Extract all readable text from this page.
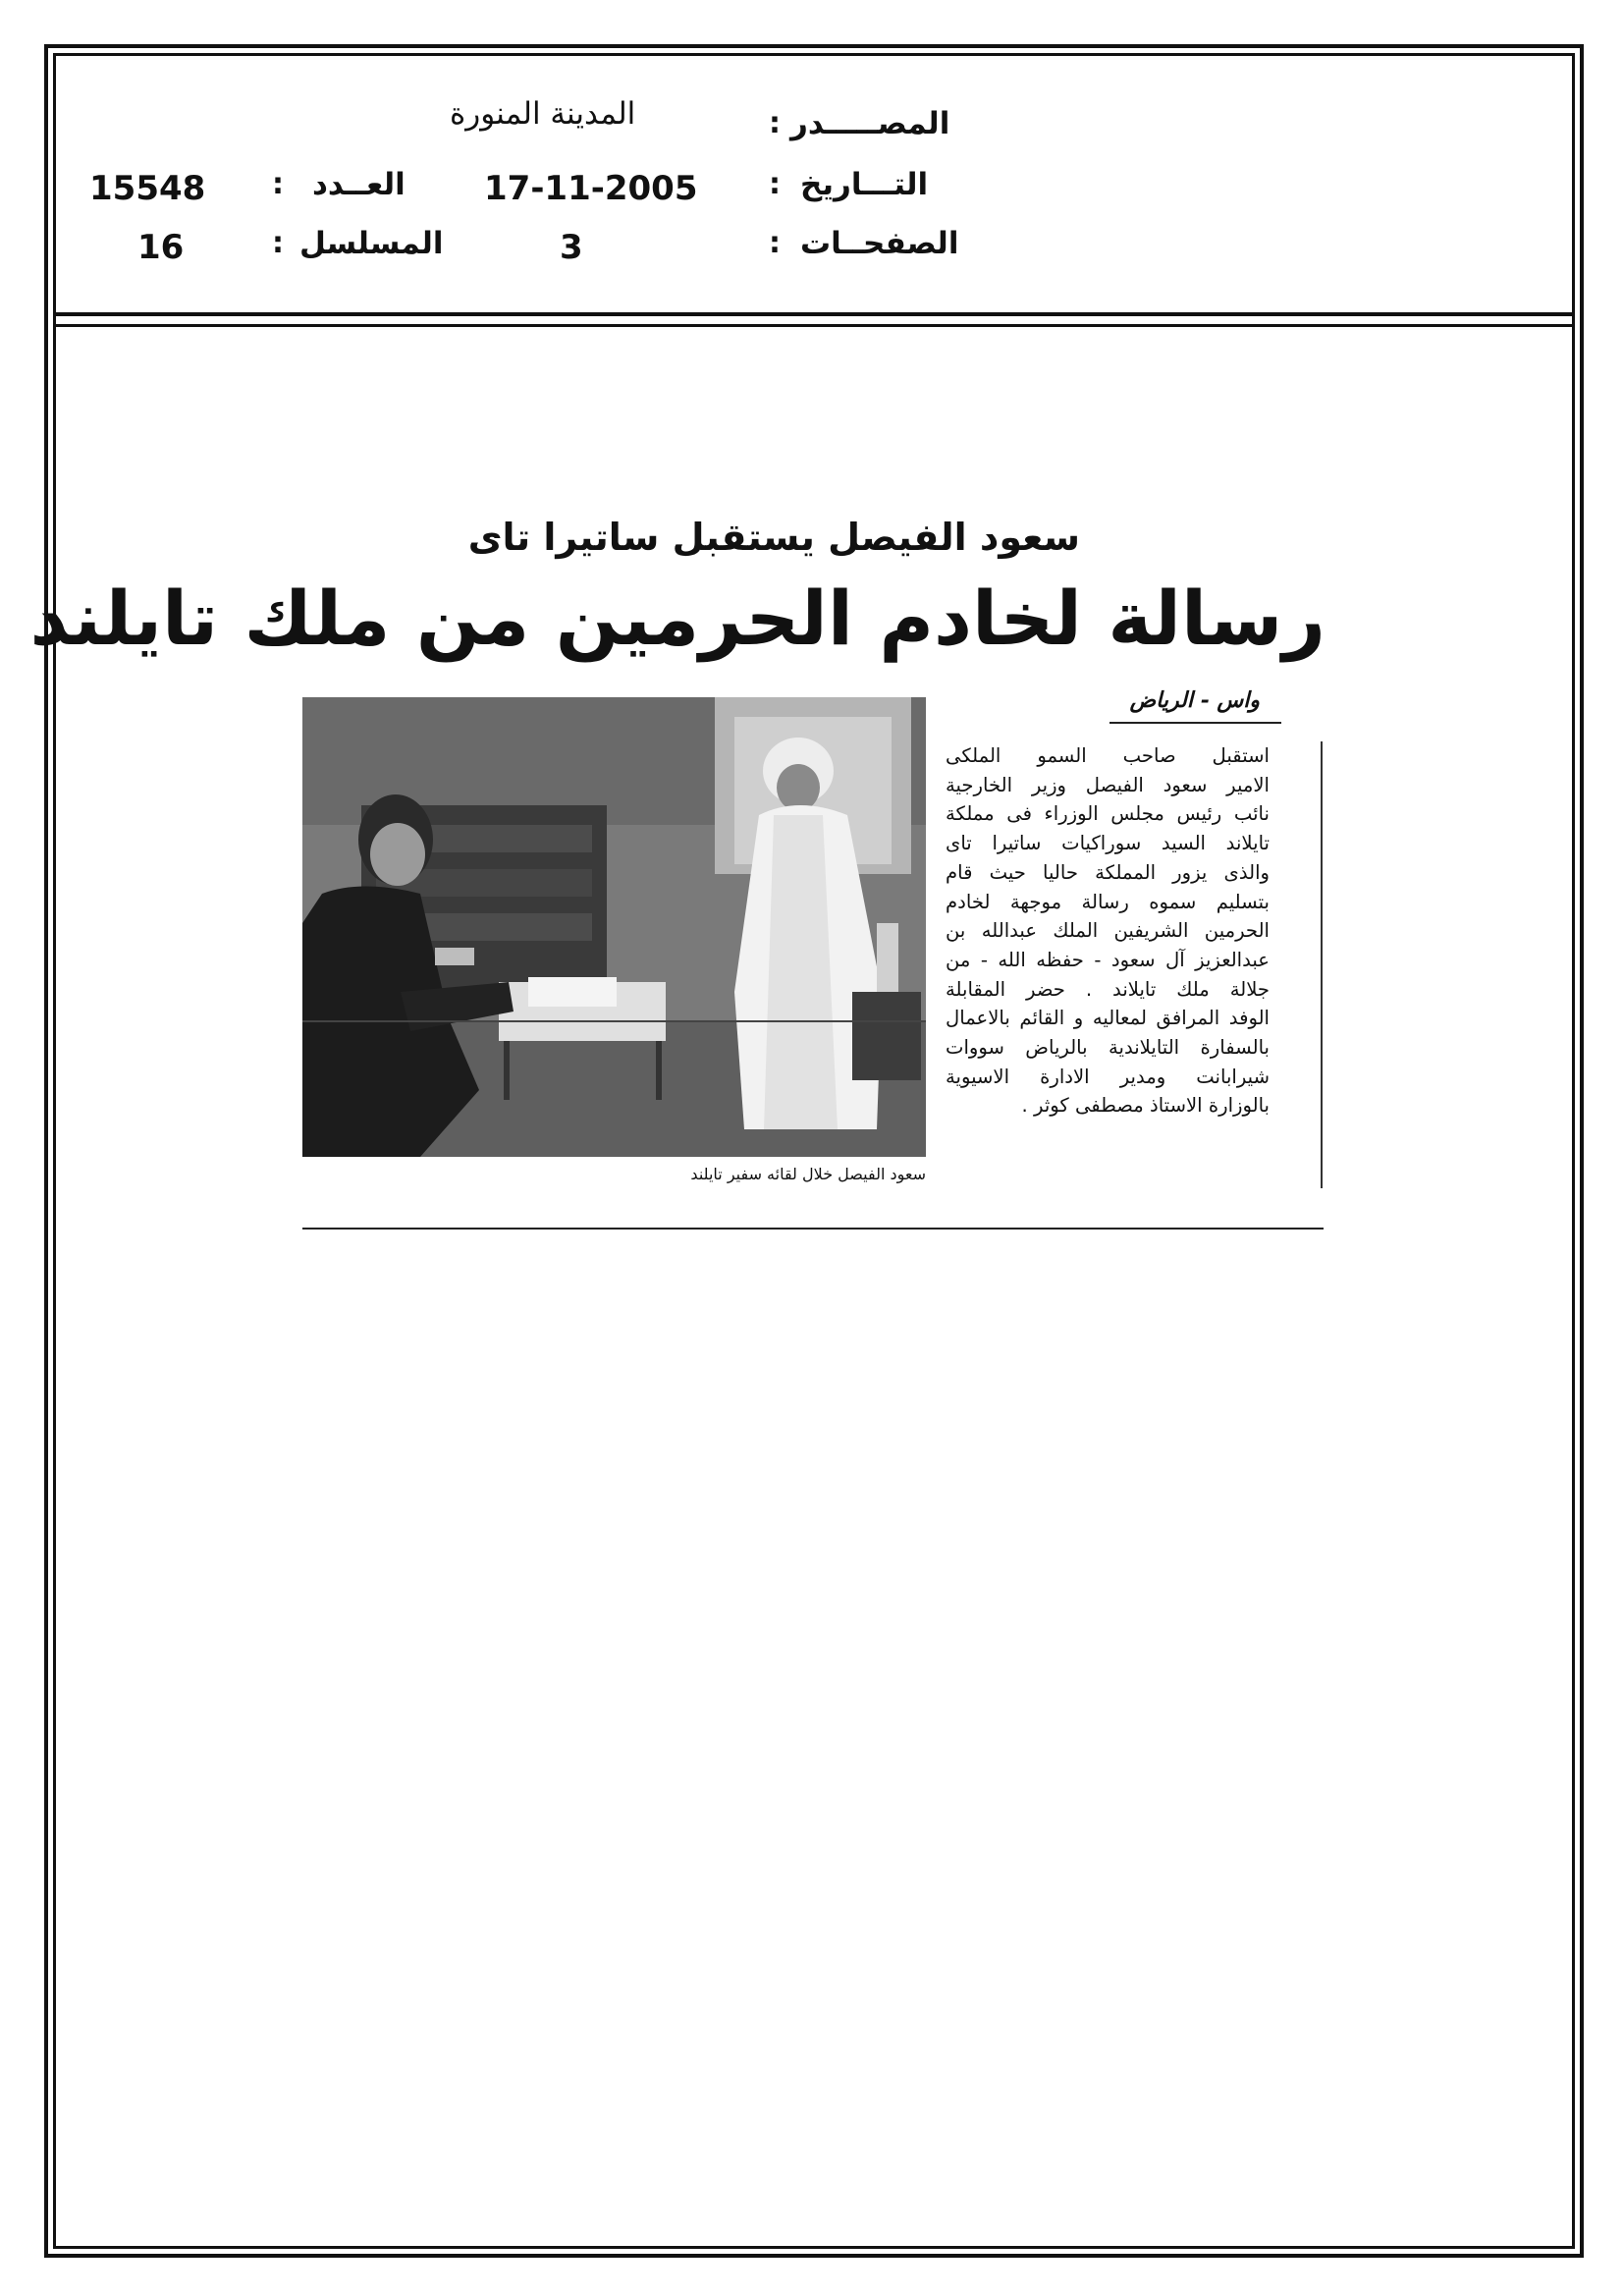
المصـــــدر
:
المدينة المنورة
التـــاريخ
:
17-11-2005
العــدد
:
15548
الصفحــات
:
3
المسلسل
:
16
سعود الفيصل يستقبل ساتيرا تاى
رسالة لخادم الحرمين من ملك تايلند
واس - الرياض
استقبل صاحب السمو الملكى
الامير سعود الفيصل وزير الخارجية
نائب رئيس مجلس الوزراء فى مملكة
تايلاند السيد سوراكيات ساتيرا تاى
والذى يزور المملكة حاليا حيث قام
بتسليم سموه رسالة موجهة لخادم
الحرمين الشريفين الملك عبدالله بن
عبدالعزيز آل سعود - حفظه الله - من
جلالة ملك تايلاند . حضر المقابلة
الوفد المرافق لمعاليه و القائم بالاعمال
بالسفارة التايلاندية بالرياض سووات
شيرابانت ومدير الادارة الاسيوية
بالوزارة الاستاذ مصطفى كوثر .
سعود الفيصل خلال لقائه سفير تايلند
